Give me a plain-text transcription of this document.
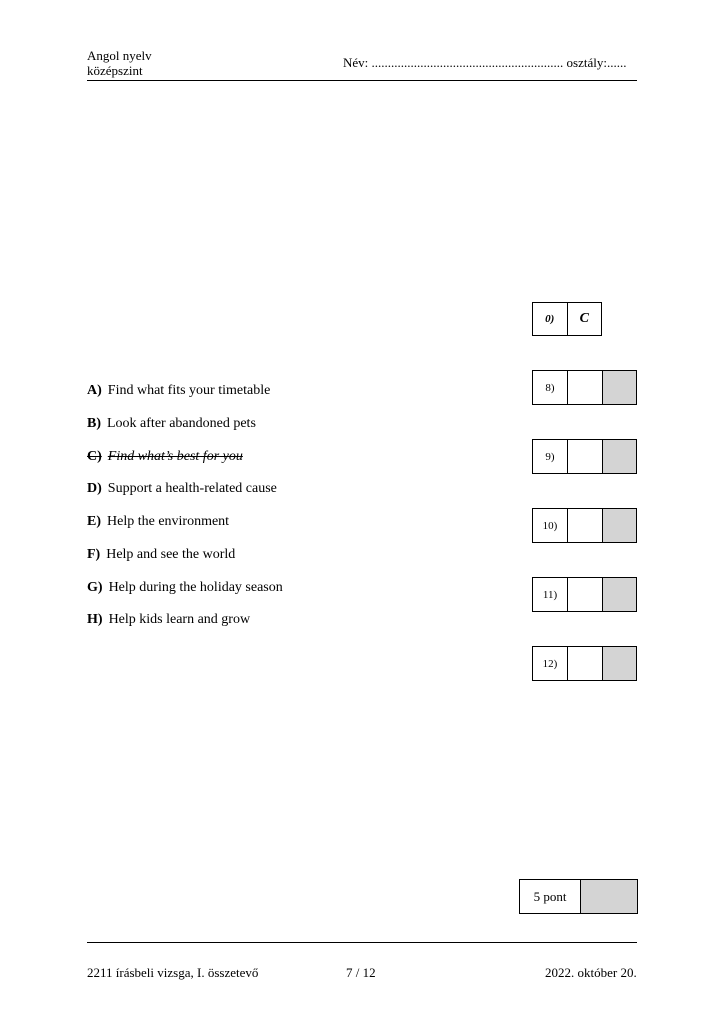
Angol nyelv
középszint
Név: ........................................................... osztály:......
0)	C
8)
9)
10)
11)
12)
A) Find what fits your timetable
B) Look after abandoned pets
C) Find what’s best for you
D) Support a health-related cause
E) Help the environment
F) Help and see the world
G) Help during the holiday season
H) Help kids learn and grow
5 pont
2211 írásbeli vizsga, I. összetevő	7 / 12	2022. október 20.
